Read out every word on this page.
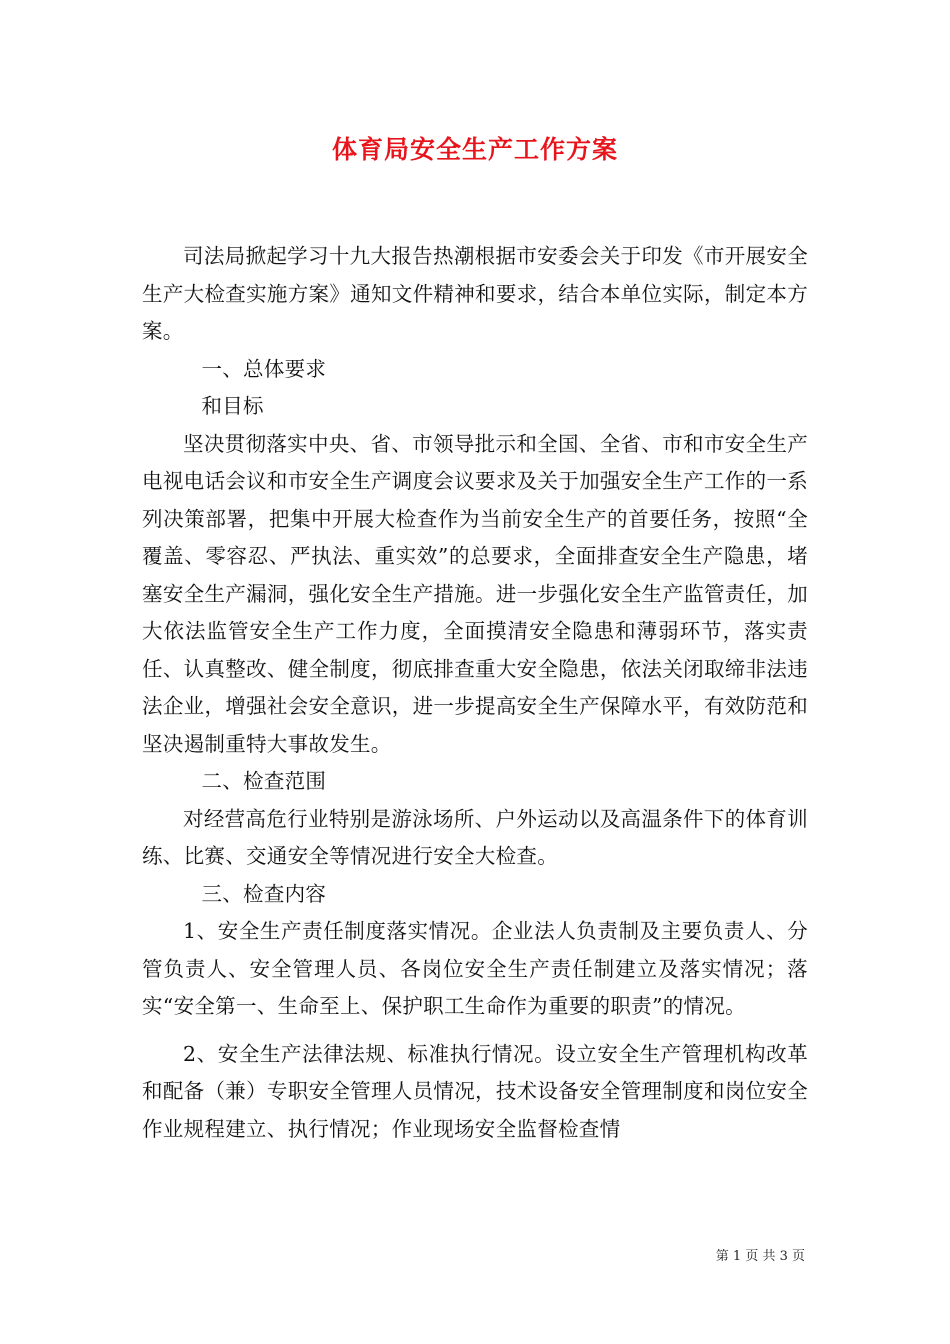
体育局安全生产工作方案

司法局掀起学习十九大报告热潮根据市安委会关于印发《市开展安全生产大检查实施方案》通知文件精神和要求，结合本单位实际，制定本方案。

一、总体要求

和目标

坚决贯彻落实中央、省、市领导批示和全国、全省、市和市安全生产电视电话会议和市安全生产调度会议要求及关于加强安全生产工作的一系列决策部署，把集中开展大检查作为当前安全生产的首要任务，按照“全覆盖、零容忍、严执法、重实效”的总要求，全面排查安全生产隐患，堵塞安全生产漏洞，强化安全生产措施。进一步强化安全生产监管责任，加大依法监管安全生产工作力度，全面摸清安全隐患和薄弱环节，落实责任、认真整改、健全制度，彻底排查重大安全隐患，依法关闭取缔非法违法企业，增强社会安全意识，进一步提高安全生产保障水平，有效防范和坚决遏制重特大事故发生。

二、检查范围

对经营高危行业特别是游泳场所、户外运动以及高温条件下的体育训练、比赛、交通安全等情况进行安全大检查。

三、检查内容

1、安全生产责任制度落实情况。企业法人负责制及主要负责人、分管负责人、安全管理人员、各岗位安全生产责任制建立及落实情况；落实“安全第一、生命至上、保护职工生命作为重要的职责”的情况。

2、安全生产法律法规、标准执行情况。设立安全生产管理机构改革和配备（兼）专职安全管理人员情况，技术设备安全管理制度和岗位安全作业规程建立、执行情况；作业现场安全监督检查情

第 1 页 共 3 页
